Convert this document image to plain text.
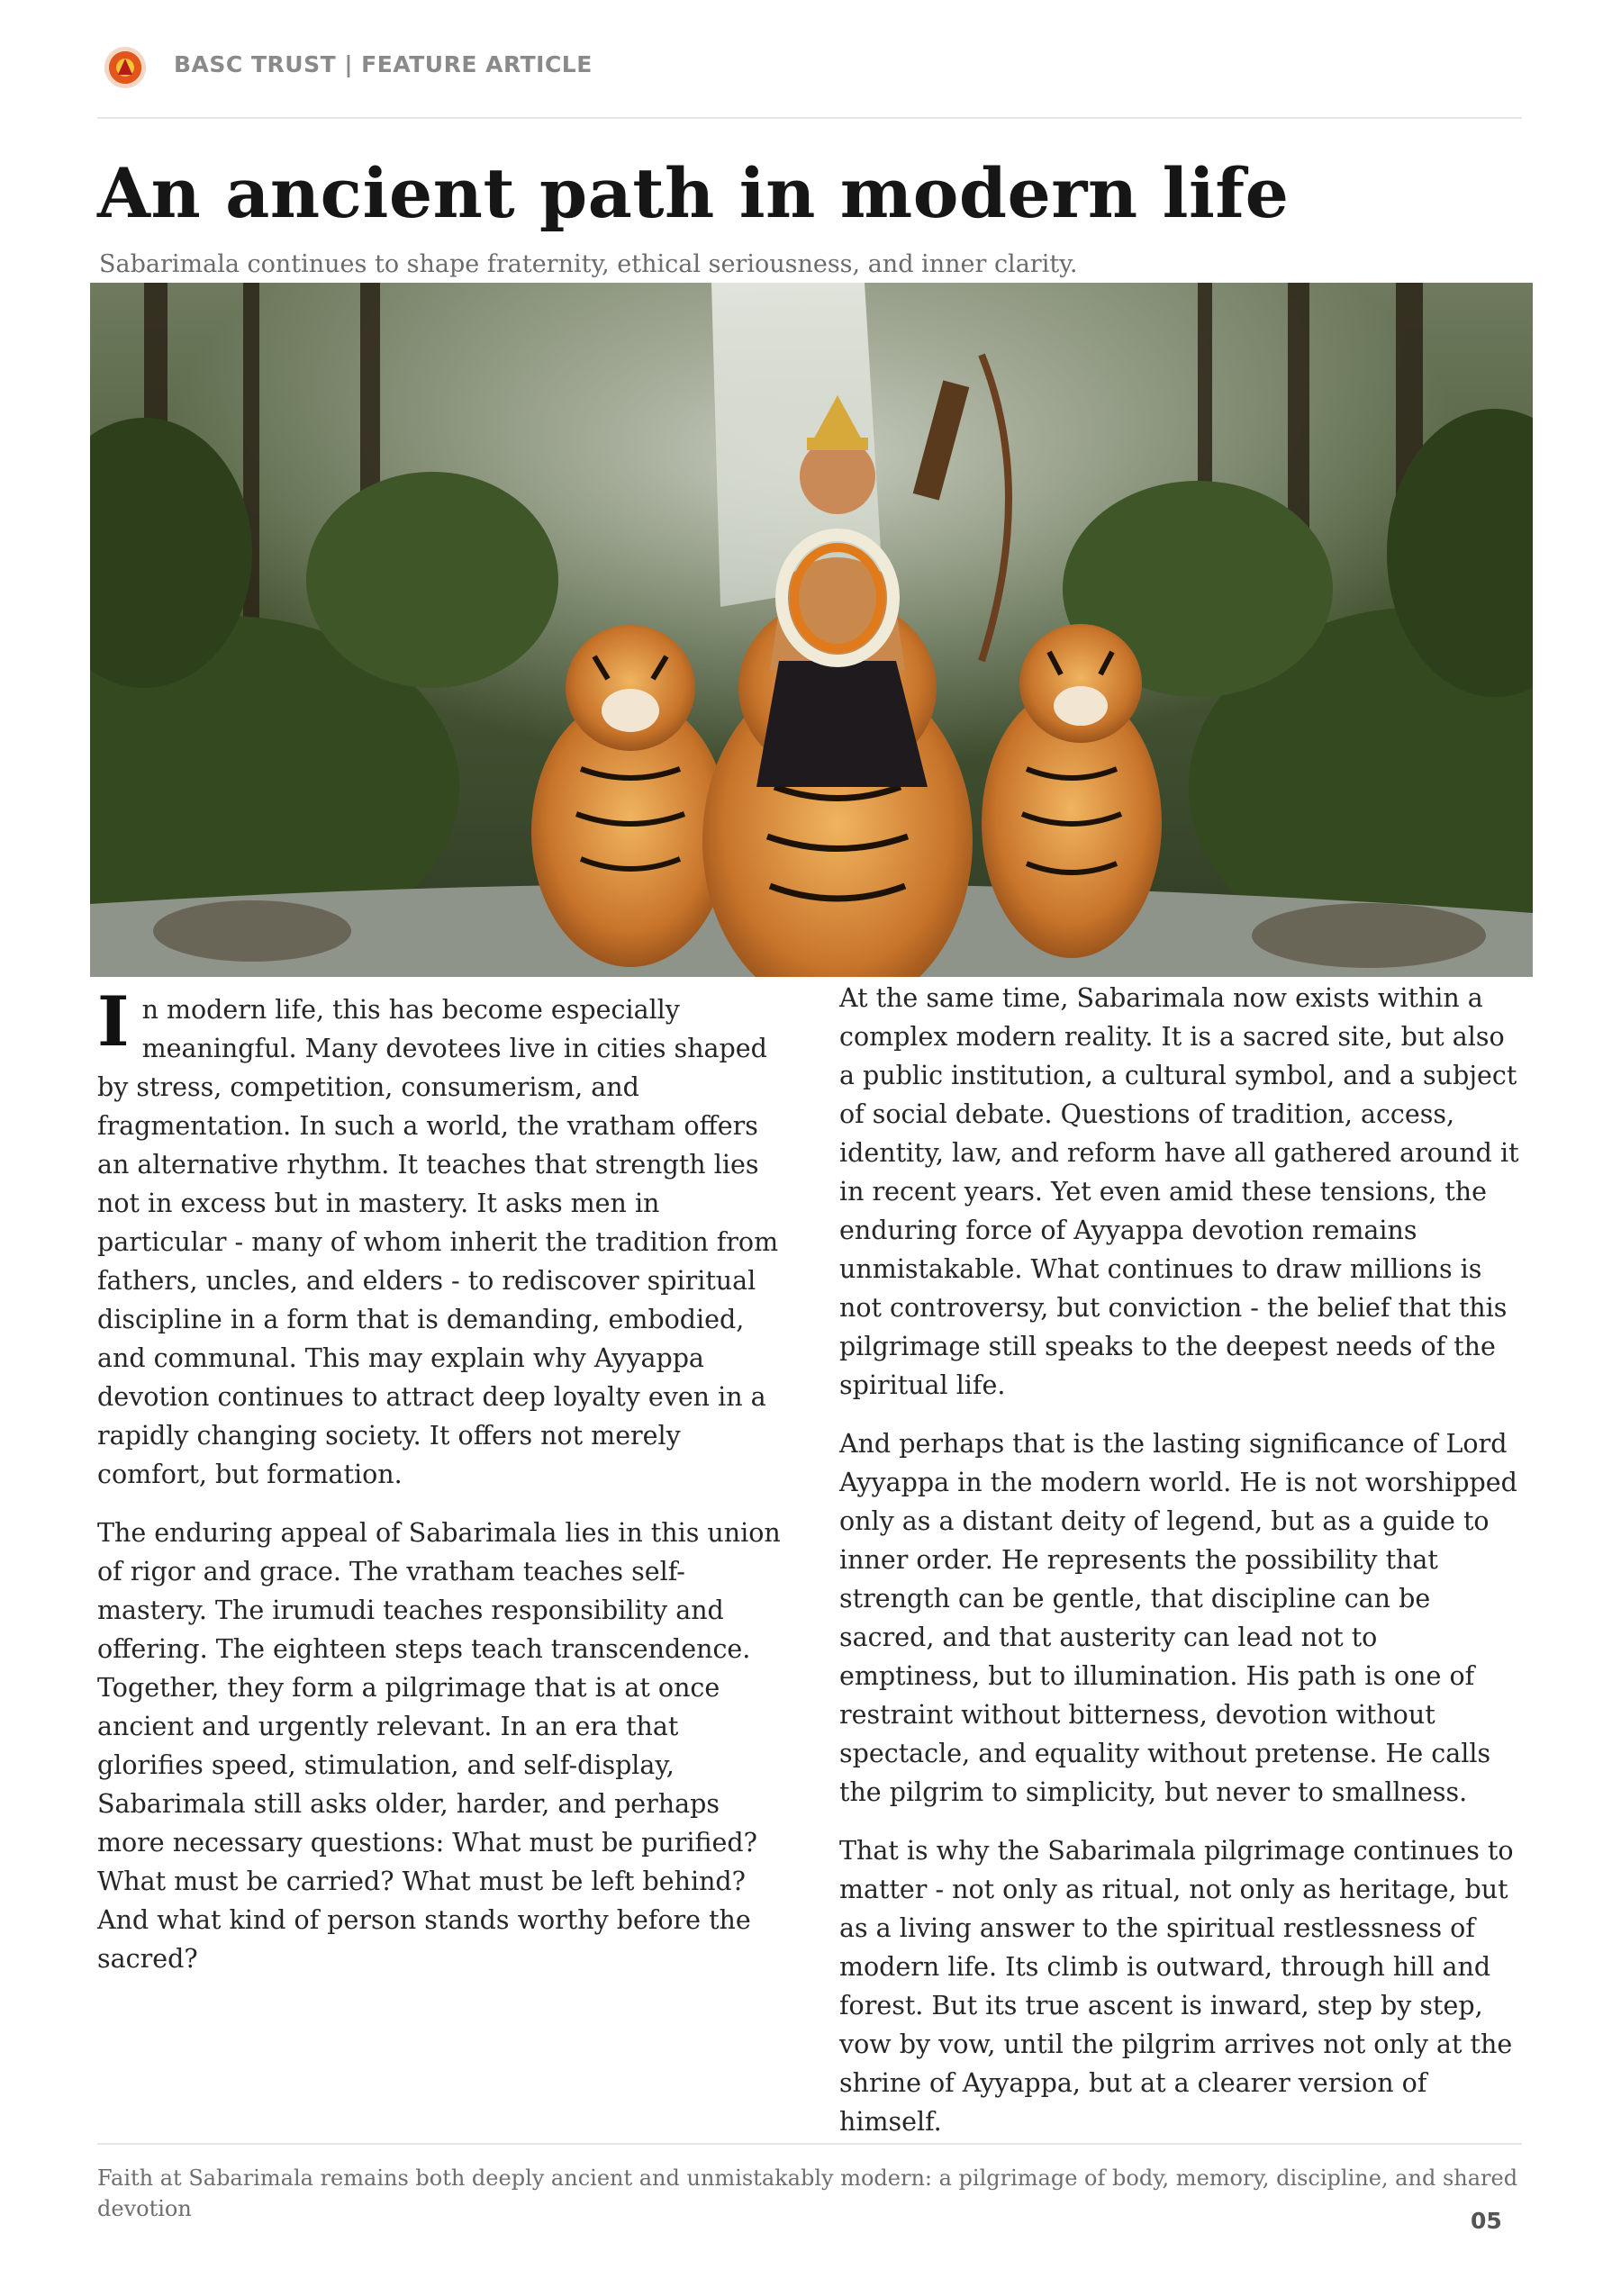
BASC TRUST | FEATURE ARTICLE
An ancient path in modern life

Sabarimala continues to shape fraternity, ethical seriousness, and inner clarity.

In modern life, this has become especially meaningful. Many devotees live in cities shaped by stress, competition, consumerism, and fragmentation. In such a world, the vratham offers an alternative rhythm. It teaches that strength lies not in excess but in mastery. It asks men in particular - many of whom inherit the tradition from fathers, uncles, and elders - to rediscover spiritual discipline in a form that is demanding, embodied, and communal. This may explain why Ayyappa devotion continues to attract deep loyalty even in a rapidly changing society. It offers not merely comfort, but formation.

The enduring appeal of Sabarimala lies in this union of rigor and grace. The vratham teaches self-mastery. The irumudi teaches responsibility and offering. The eighteen steps teach transcendence. Together, they form a pilgrimage that is at once ancient and urgently relevant. In an era that glorifies speed, stimulation, and self-display, Sabarimala still asks older, harder, and perhaps more necessary questions: What must be purified? What must be carried? What must be left behind? And what kind of person stands worthy before the sacred?

At the same time, Sabarimala now exists within a complex modern reality. It is a sacred site, but also a public institution, a cultural symbol, and a subject of social debate. Questions of tradition, access, identity, law, and reform have all gathered around it in recent years. Yet even amid these tensions, the enduring force of Ayyappa devotion remains unmistakable. What continues to draw millions is not controversy, but conviction - the belief that this pilgrimage still speaks to the deepest needs of the spiritual life.

And perhaps that is the lasting significance of Lord Ayyappa in the modern world. He is not worshipped only as a distant deity of legend, but as a guide to inner order. He represents the possibility that strength can be gentle, that discipline can be sacred, and that austerity can lead not to emptiness, but to illumination. His path is one of restraint without bitterness, devotion without spectacle, and equality without pretense. He calls the pilgrim to simplicity, but never to smallness.

That is why the Sabarimala pilgrimage continues to matter - not only as ritual, not only as heritage, but as a living answer to the spiritual restlessness of modern life. Its climb is outward, through hill and forest. But its true ascent is inward, step by step, vow by vow, until the pilgrim arrives not only at the shrine of Ayyappa, but at a clearer version of himself.

Faith at Sabarimala remains both deeply ancient and unmistakably modern: a pilgrimage of body, memory, discipline, and shared devotion	05
